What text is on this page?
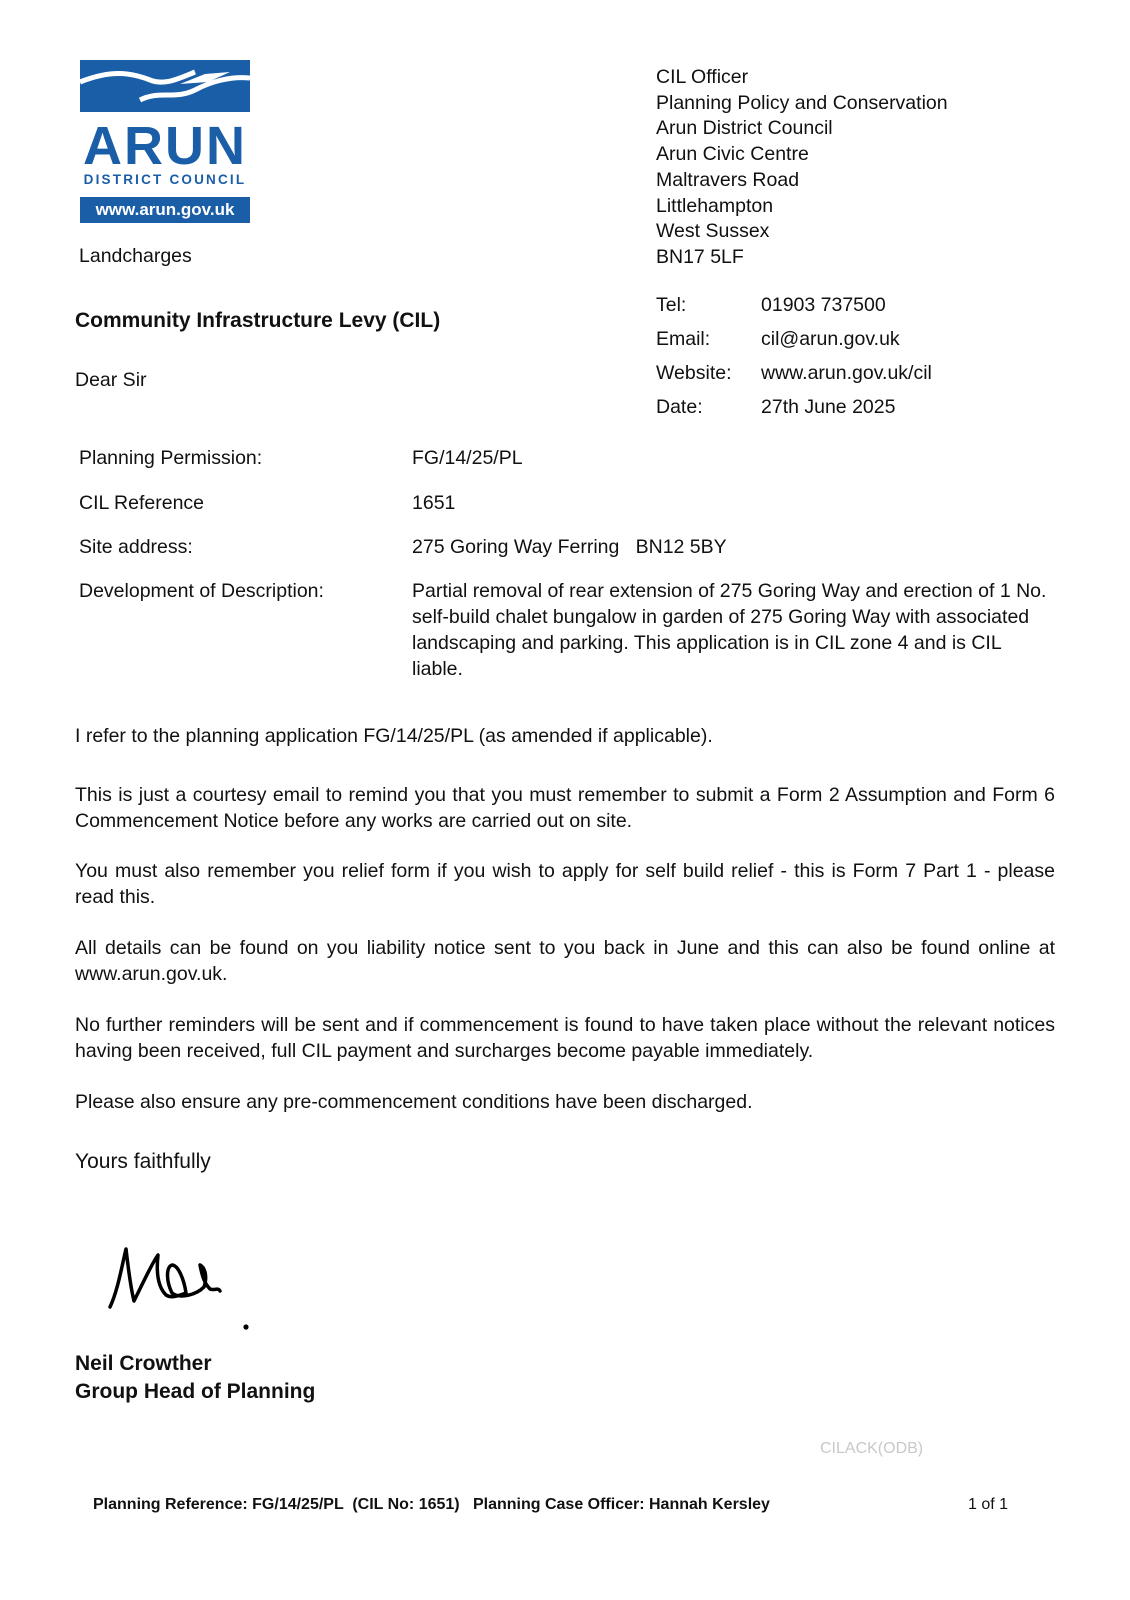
ARUN
DISTRICT COUNCIL
www.arun.gov.uk
Landcharges
CIL Officer
Planning Policy and Conservation
Arun District Council
Arun Civic Centre
Maltravers Road
Littlehampton
West Sussex
BN17 5LF
Tel:	01903 737500
Email:	cil@arun.gov.uk
Website:	www.arun.gov.uk/cil
Date:	27th June 2025
Community Infrastructure Levy (CIL)
Dear Sir
Planning Permission:	FG/14/25/PL
CIL Reference	1651
Site address:	275 Goring Way Ferring   BN12 5BY
Development of Description:	Partial removal of rear extension of 275 Goring Way and erection of 1 No. self-build chalet bungalow in garden of 275 Goring Way with associated landscaping and parking. This application is in CIL zone 4 and is CIL liable.

I refer to the planning application FG/14/25/PL (as amended if applicable).

This is just a courtesy email to remind you that you must remember to submit a Form 2 Assumption and Form 6 Commencement Notice before any works are carried out on site.

You must also remember you relief form if you wish to apply for self build relief - this is Form 7 Part 1 - please read this.

All details can be found on you liability notice sent to you back in June and this can also be found online at www.arun.gov.uk.

No further reminders will be sent and if commencement is found to have taken place without the relevant notices having been received, full CIL payment and surcharges become payable immediately.

Please also ensure any pre-commencement conditions have been discharged.

Yours faithfully
Neil Crowther
Group Head of Planning
CILACK(ODB)
Planning Reference: FG/14/25/PL  (CIL No: 1651)   Planning Case Officer: Hannah Kersley	1 of 1
